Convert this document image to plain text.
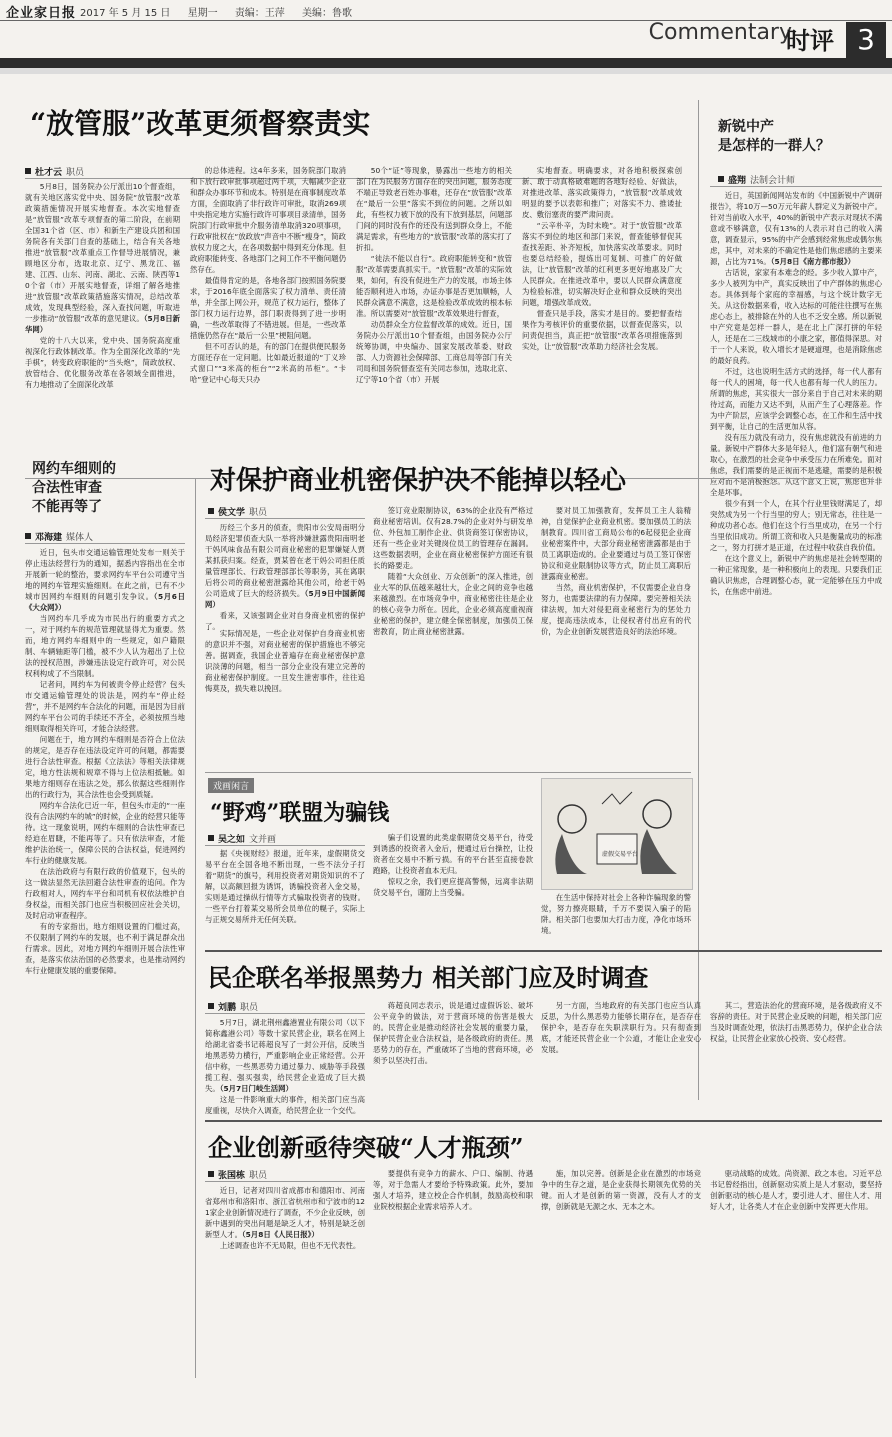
企业家日报 2017 年 5 月 15 日 星期一 责编：王萍 美编：鲁歌
Commentary
时评 3
“放管服”改革更须督察责实
杜才云 职员

5月8日，国务院办公厅派出10个督查组，就有关地区落实党中央、国务院“放管服”改革政策措施情况开展实地督查。本次实地督查是“放管服”改革专项督查的第二阶段，在前期全国31个省（区、市）和新生产建设兵团和国务院各有关部门自查的基础上，结合有关各地推进“放管服”改革重点工作督导进展情况，兼顾地区分布，选取北京、辽宁、黑龙江、福建、江西、山东、河南、湖北、云南、陕西等10个省（市）开展实地督查，详细了解各地推进“放管服”改革政策措施落实情况，总结改革成效，发现典型经验，深入查找问题，听取进一步推动“放管服”改革的意见建议。（5月8日新华网）

党的十八大以来，党中央、国务院高度重视深化行政体制改革。作为全面深化改革的“先手棋”，转变政府职能的“当头炮”，简政放权、放管结合、优化服务改革在各领域全面推进，有力地推动了全面深化改革

的总体进程。这4年多来，国务院部门取消和下放行政审批事项超过两千项，大幅减少企业和群众办事环节和成本。特别是在商事制度改革方面，全面取消了非行政许可审批，取消269项中央指定地方实施行政许可事项目录清单，国务院部门行政审批中介服务清单取消320项事项，行政审批权在“放政放”声音中不断“瘦身”，简政放权力度之大，在各项数据中得到充分体现。但政府职能转变、各地部门之间工作不平衡问题仍然存在。

最值得肯定的是，各地各部门按照国务院要求，于2016年底全面落实了权力清单、责任清单，并全部上网公开，规范了权力运行，整体了部门权力运行边界，部门职责得到了进一步明确，一些改革取得了不错进展。但是，一些改革措施仍然存在“最后一公里”梗阻问题。

但不可否认的是，有的部门在提供便民服务方面还存在一定问题。比如最近报道的“丁义珍式窗口”“3米高的柜台”“2米高的吊柜”。“卡哈”登记中心每天只办

50个“证”等现象，暴露出一些地方的相关部门在为民服务方面存在的突出问题，服务态度不端正导致老百姓办事难，还存在“放管服”改革在“最后一公里”落实不到位的问题。之所以如此，有些权力被下放的没有下放到基层，问题部门间的同时没有作的还没有送到群众身上，不能满足需求，有些地方的“放管服”改革的落实打了折扣。

“徒法不能以自行”。政府职能转变和“放管服”改革需要真抓实干。“放管服”改革的实际效果，如何，有没有促进生产力的发展，市场主体能否顺利进入市场，办证办事是否更加顺畅，人民群众满意不满意，这是检验改革成效的根本标准。所以需要对“放管服”改革效果进行督查，

动员群众全方位监督改革的成效。近日，国务院办公厅派出10个督查组，由国务院办公厅统筹协调，中央编办、国家发展改革委、财政部、人力资源社会保障部、工商总局等部门有关司局和国务院督查室有关同志参加，选取北京、辽宁等10个省（市）开展

实地督查。明确要求，对各地积极探索创新、敢于动真格破难题的各地好经验、好做法，对推进改革、落实政策得力，“放管服”改革成效明显的要予以表彰和推广；对落实不力、推诿扯皮、敷衍塞责的要严肃问责。

“云辛朴辛，为时未晚”。对于“放管服”改革落实不到位的地区和部门来说，督查能够督促其查找差距、补齐短板，加快落实改革要求。同时也要总结经验，提炼出可复制、可推广的好做法，让“放管服”改革的红利更多更好地惠及广大人民群众。在推进改革中，要以人民群众满意度为检验标准，切实解决好企业和群众反映的突出问题，增强改革成效。

督查只是手段，落实才是目的。要把督查结果作为考核评价的重要依据，以督查促落实，以问责促担当，真正把“放管服”改革各项措施落到实处，让“放管服”改革助力经济社会发展。

新锐中产
是怎样的一群人？
盛翔 法制会计师

近日，英国新闻网站发布的《中国新锐中产调研报告》，将10万—50万元年薪人群定义为新锐中产。针对当前收入水平，40%的新锐中产表示对现状不满意或不够满意，仅有13%的人表示对自己的收入满意，调查显示，95%的中产会感到经常焦虑或偶尔焦虑，其中，对未来的不确定性是他们焦虑感的主要来源，占比为71%。（5月8日《南方都市报》）

古话说，家家有本难念的经。多少收入算中产，多少人被列为中产，真实反映出了中产群体的焦虑心态。具体到每个家庭的幸福感，与这个统计数字无关。从这份数据来看，收入达标的可能往往撰写在焦虑心态上，被排除在外的人也不乏安全感。所以新锐中产究竟是怎样一群人，是在北上广深打拼的年轻人，还是在二三线城市的小康之家，都值得深思。对于一个人来说，收入增长才是硬道理，也是消除焦虑的最好良药。

不过，这也说明生活方式的选择，每一代人都有每一代人的困境，每一代人也都有每一代人的压力。所谓的焦虑，其实很大一部分来自于自己对未来的期待过高，而能力又达不到，从而产生了心理落差。作为中产阶层，应该学会调整心态，在工作和生活中找到平衡，让自己的生活更加从容。

没有压力就没有动力，没有焦虑就没有前进的力量。新锐中产群体大多是年轻人，他们富有朝气和进取心，在激烈的社会竞争中承受压力在所难免。面对焦虑，我们需要的是正视而不是逃避，需要的是积极应对而不是消极抱怨。从这个意义上说，焦虑也并非全是坏事。

很少有到一个人，在其个行业里钱财满足了，却突然成为另一个行当里的穷人；别无常态，往往是一种成功者心态。他们在这个行当里成功，在另一个行当里依旧成功。所谓工资和收入只是衡量成功的标准之一，努力打拼才是正道，在过程中收获自我价值。

在这个意义上，新锐中产的焦虑是社会转型期的一种正常现象，是一种积极向上的表现。只要我们正确认识焦虑，合理调整心态，就一定能够在压力中成长，在焦虑中前进。

网约车细则的
合法性审查
不能再等了
邓海建 媒体人

近日，包头市交通运输管理处发布一则关于停止违法经营行为的通知，据悉内容指出在全市开展新一轮的整治，要求网约车平台公司遵守当地的网约车管理实施细则。在此之前，已有不少城市因网约车细则的问题引发争议。（5月6日《大众网》）

当网约车几乎成为市民出行的重要方式之一，对于网约车的规范管理就显得尤为重要。然而，地方网约车细则中的一些规定，如户籍限制、车辆轴距等门槛，被不少人认为超出了上位法的授权范围，涉嫌违法设定行政许可，对公民权利构成了不当限制。

记者问，网约车为何被责令停止经营？包头市交通运输管理处的说法是，网约车“停止经营”，并不是网约车合法化的问题，而是因为目前网约车平台公司的手续还不齐全，必须按照当地细则取得相关许可，才能合法经营。

问题在于，地方网约车细则是否符合上位法的规定，是否存在违法设定许可的问题，都需要进行合法性审查。根据《立法法》等相关法律规定，地方性法规和规章不得与上位法相抵触。如果地方细则存在违法之处，那么依据这些细则作出的行政行为，其合法性也会受到质疑。

网约车合法化已近一年，但包头市走的“一座没有合法网约车的城”的时候，企业的经营只能等待。这一现象说明，网约车细则的合法性审查已经迫在眉睫，不能再等了。只有依法审查，才能维护法治统一，保障公民的合法权益，促进网约车行业的健康发展。

在法治政府与有限行政的价值观下，包头的这一做法显然无法回避合法性审查的追问。作为行政相对人，网约车平台和司机有权依法维护自身权益，而相关部门也应当积极回应社会关切，及时启动审查程序。

有的专家指出，地方细则设置的门槛过高，不仅限制了网约车的发展，也不利于满足群众出行需求。因此，对地方网约车细则开展合法性审查，是落实依法治国的必然要求，也是推动网约车行业健康发展的重要保障。

对保护商业机密保护决不能掉以轻心
侯文学 职员

历经三个多月的侦查，贵阳市公安局南明分局经济犯罪侦查大队一举将涉嫌泄露贵阳南明老干妈风味食品有限公司商业秘密的犯罪嫌疑人贾某抓获归案。经查，贾某曾在老干妈公司担任质量管理部长、行政管理部部长等职务，其在离职后将公司的商业秘密泄露给其他公司，给老干妈公司造成了巨大的经济损失。（5月9日中国新闻网）

看来，又该强调企业对自身商业机密的保护了。

实际情况是，一些企业对保护自身商业机密的意识并不强，对商业秘密的保护措施也不够完善。据调查，我国企业普遍存在商业秘密保护意识淡薄的问题，相当一部分企业没有建立完善的商业秘密保护制度。一旦发生泄密事件，往往追悔莫及，损失难以挽回。

签订竞业限制协议，63%的企业没有严格过商业秘密培训。仅有28.7%的企业对外与研发单位、外包加工制作企业、供货商签订保密协议，还有一些企业对关键岗位员工的管理存在漏洞。这些数据表明，企业在商业秘密保护方面还有很长的路要走。

随着“大众创业、万众创新”的深入推进，创业大军的队伍越来越壮大，企业之间的竞争也越来越激烈。在市场竞争中，商业秘密往往是企业的核心竞争力所在。因此，企业必须高度重视商业秘密的保护，建立健全保密制度，加强员工保密教育，防止商业秘密泄露。

要对员工加强教育，发挥员工主人翁精神，自觉保护企业商业机密。要加强员工的法制教育。四川省工商局公布的6起侵犯企业商业秘密案件中，大部分商业秘密泄露都是由于员工离职造成的。企业要通过与员工签订保密协议和竞业限制协议等方式，防止员工离职后泄露商业秘密。

当然，商业机密保护，不仅需要企业自身努力，也需要法律的有力保障。要完善相关法律法规，加大对侵犯商业秘密行为的惩处力度，提高违法成本，让侵权者付出应有的代价，为企业创新发展营造良好的法治环境。

戏画闲言
“野鸡”联盟为骗钱
吴之如 文并画

据《央视财经》报道，近年来，虚假期货交易平台在全国各地不断出现，一些不法分子打着“期货”的旗号，利用投资者对期货知识的不了解，以高额回报为诱饵，诱骗投资者入金交易，实则是通过操纵行情等方式骗取投资者的钱财。一些平台打着某交易所会员单位的幌子，实际上与正规交易所并无任何关联。

骗子们设置的此类虚假期货交易平台，待受到诱惑的投资者入金后，便通过后台操控，让投资者在交易中不断亏损。有的平台甚至直接卷款跑路，让投资者血本无归。

惊叹之余，我们更应提高警惕，远离非法期货交易平台，谨防上当受骗。

虚假交易平台

在生活中保持对社会上各种诈骗现象的警觉，努力擦亮眼睛，千万不要误入骗子的陷阱。相关部门也要加大打击力度，净化市场环境。

民企联名举报黑势力 相关部门应及时调查
刘鹏 职员

5月7日，湖北荆州鑫港置业有限公司（以下简称鑫港公司）等数十家民营企业，联名在网上给湖北省委书记蒋超良写了一封公开信，反映当地黑恶势力横行，严重影响企业正常经营。公开信中称，一些黑恶势力通过暴力、威胁等手段强揽工程、强买强卖，给民营企业造成了巨大损失。（5月7日门岐生活网）

这是一件影响重大的事件，相关部门应当高度重视，尽快介入调查，给民营企业一个交代。

蒋超良同志表示，说是通过虚假诉讼、破坏公平竞争的做法，对于营商环境的伤害是极大的。民营企业是推动经济社会发展的重要力量，保护民营企业合法权益，是各级政府的责任。黑恶势力的存在，严重破坏了当地的营商环境，必须予以坚决打击。

另一方面，当地政府的有关部门也应当认真反思，为什么黑恶势力能够长期存在，是否存在保护伞，是否存在失职渎职行为。只有彻查到底，才能还民营企业一个公道，才能让企业安心发展。

其二，营造法治化的营商环境，是各级政府义不容辞的责任。对于民营企业反映的问题，相关部门应当及时调查处理，依法打击黑恶势力，保护企业合法权益，让民营企业家放心投资、安心经营。

企业创新亟待突破“人才瓶颈”
张国栋 职员

近日，记者对四川省成都市和德阳市、河南省郑州市和洛阳市、浙江省杭州市和宁波市的121家企业创新情况进行了调查，不少企业反映，创新中遇到的突出问题是缺乏人才，特别是缺乏创新型人才。（5月8日《人民日报》）

上述调查也许不无局限，但也不无代表性。

要提供有竞争力的薪水、户口、编制、待遇等，对于急需人才要给予特殊政策。此外，要加强人才培养，建立校企合作机制，鼓励高校和职业院校根据企业需求培养人才。

施，加以完善。创新是企业在激烈的市场竞争中的生存之道，是企业获得长期领先优势的关键。而人才是创新的第一资源，没有人才的支撑，创新就是无源之水、无本之木。

驱动战略的成效。尚资源、政之本也。习近平总书记曾经指出，创新驱动实质上是人才驱动，要坚持创新驱动的核心是人才，要引进人才、留住人才、用好人才，让各类人才在企业创新中发挥更大作用。
